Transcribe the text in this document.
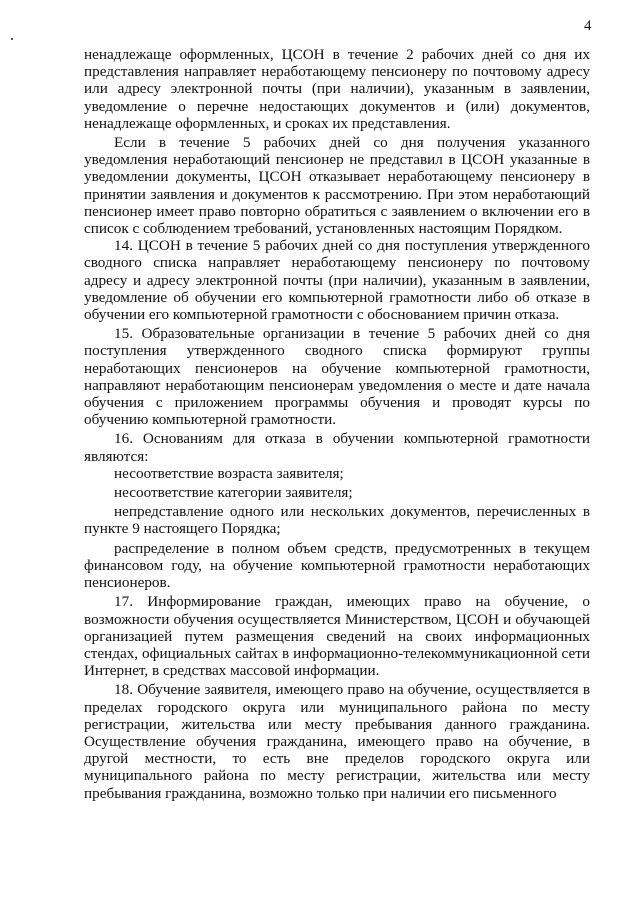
4

ненадлежаще оформленных, ЦСОН в течение 2 рабочих дней со дня их представления направляет неработающему пенсионеру по почтовому адресу или адресу электронной почты (при наличии), указанным в заявлении, уведомление о перечне недостающих документов и (или) документов, ненадлежаще оформленных, и сроках их представления.

Если в течение 5 рабочих дней со дня получения указанного уведомления неработающий пенсионер не представил в ЦСОН указанные в уведомлении документы, ЦСОН отказывает неработающему пенсионеру в принятии заявления и документов к рассмотрению. При этом неработающий пенсионер имеет право повторно обратиться с заявлением о включении его в список с соблюдением требований, установленных настоящим Порядком.

14. ЦСОН в течение 5 рабочих дней со дня поступления утвержденного сводного списка направляет неработающему пенсионеру по почтовому адресу и адресу электронной почты (при наличии), указанным в заявлении, уведомление об обучении его компьютерной грамотности либо об отказе в обучении его компьютерной грамотности с обоснованием причин отказа.

15. Образовательные организации в течение 5 рабочих дней со дня поступления утвержденного сводного списка формируют группы неработающих пенсионеров на обучение компьютерной грамотности, направляют неработающим пенсионерам уведомления о месте и дате начала обучения с приложением программы обучения и проводят курсы по обучению компьютерной грамотности.

16. Основаниям для отказа в обучении компьютерной грамотности являются:

несоответствие возраста заявителя;

несоответствие категории заявителя;

непредставление одного или нескольких документов, перечисленных в пункте 9 настоящего Порядка;

распределение в полном объем средств, предусмотренных в текущем финансовом году, на обучение компьютерной грамотности неработающих пенсионеров.

17. Информирование граждан, имеющих право на обучение, о возможности обучения осуществляется Министерством, ЦСОН и обучающей организацией путем размещения сведений на своих информационных стендах, официальных сайтах в информационно-телекоммуникационной сети Интернет, в средствах массовой информации.

18. Обучение заявителя, имеющего право на обучение, осуществляется в пределах городского округа или муниципального района по месту регистрации, жительства или месту пребывания данного гражданина. Осуществление обучения гражданина, имеющего право на обучение, в другой местности, то есть вне пределов городского округа или муниципального района по месту регистрации, жительства или месту пребывания гражданина, возможно только при наличии его письменного
